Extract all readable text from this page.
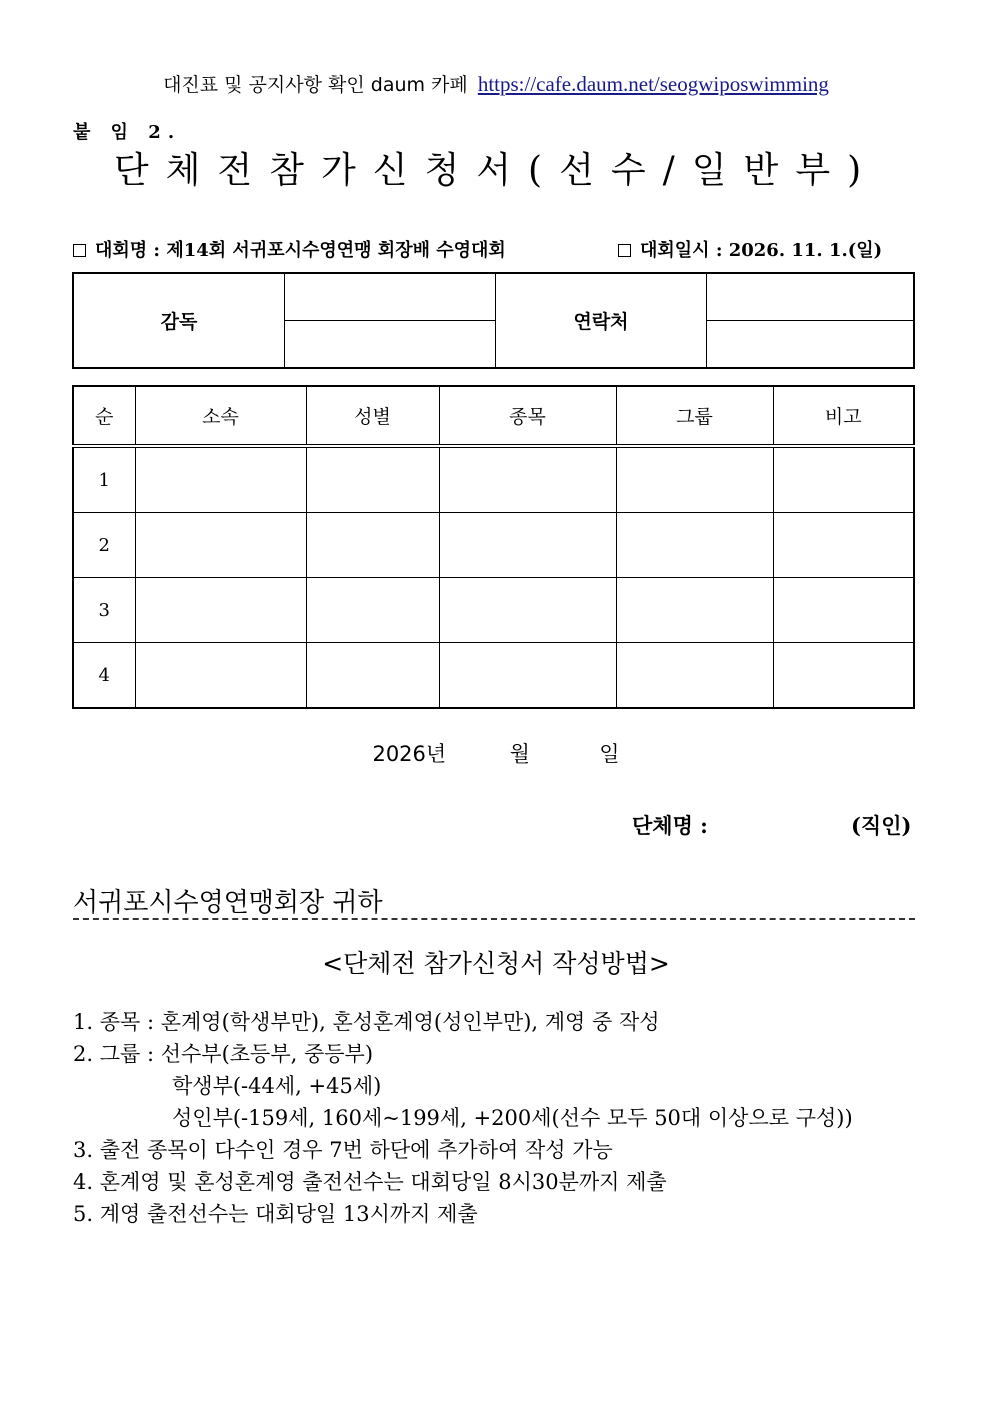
대진표 및 공지사항 확인 daum 카페 https://cafe.daum.net/seogwiposwimming
붙 임 2.
단체전참가신청서(선수/일반부)
대회명 : 제14회 서귀포시수영연맹 회장배 수영대회	대회일시 : 2026. 11. 1.(일)
감독		연락처	

순	소속	성별	종목	그룹	비고
1					
2					
3					
4					
2026년	월	일
단체명 :	(직인)
서귀포시수영연맹회장 귀하
<단체전 참가신청서 작성방법>
1. 종목 : 혼계영(학생부만), 혼성혼계영(성인부만), 계영 중 작성
2. 그룹 : 선수부(초등부, 중등부)
학생부(-44세, +45세)
성인부(-159세, 160세~199세, +200세(선수 모두 50대 이상으로 구성))
3. 출전 종목이 다수인 경우 7번 하단에 추가하여 작성 가능
4. 혼계영 및 혼성혼계영 출전선수는 대회당일 8시30분까지 제출
5. 계영 출전선수는 대회당일 13시까지 제출
